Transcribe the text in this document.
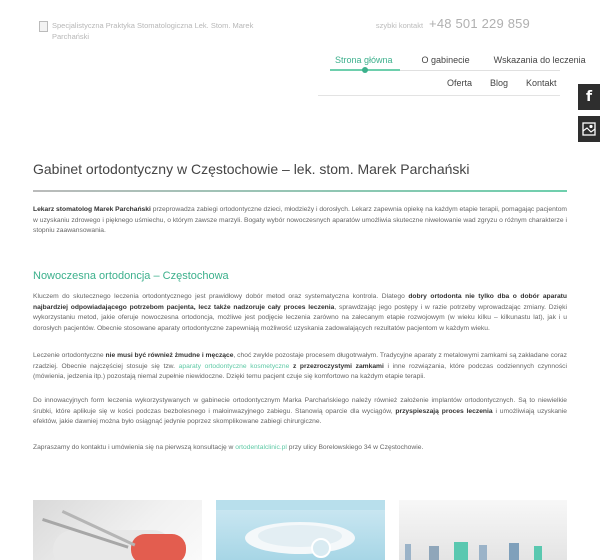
Specjalistyczna Praktyka Stomatologiczna Lek. Stom. Marek Parchański
szybki kontakt +48 501 229 859
Strona główna	O gabinecie	Wskazania do leczenia
Oferta Blog Kontakt
f
Gabinet ortodontyczny w Częstochowie – lek. stom. Marek Parchański

Lekarz stomatolog Marek Parchański przeprowadza zabiegi ortodontyczne dzieci, młodzieży i dorosłych. Lekarz zapewnia opiekę na każdym etapie terapii, pomagając pacjentom w uzyskaniu zdrowego i pięknego uśmiechu, o którym zawsze marzyli. Bogaty wybór nowoczesnych aparatów umożliwia skuteczne niwelowanie wad zgryzu o różnym charakterze i stopniu zaawansowania.

Nowoczesna ortodoncja – Częstochowa

Kluczem do skutecznego leczenia ortodontycznego jest prawidłowy dobór metod oraz systematyczna kontrola. Dlatego dobry ortodonta nie tylko dba o dobór aparatu najbardziej odpowiadającego potrzebom pacjenta, lecz także nadzoruje cały proces leczenia, sprawdzając jego postępy i w razie potrzeby wprowadzając zmiany. Dzięki wykorzystaniu metod, jakie oferuje nowoczesna ortodoncja, możliwe jest podjęcie leczenia zarówno na zalecanym etapie rozwojowym (w wieku kilku – kilkunastu lat), jak i u dorosłych pacjentów. Obecnie stosowane aparaty ortodontyczne zapewniają możliwość uzyskania zadowalających rezultatów pacjentom w każdym wieku.

Leczenie ortodontyczne nie musi być również żmudne i męczące, choć zwykle pozostaje procesem długotrwałym. Tradycyjne aparaty z metalowymi zamkami są zakładane coraz rzadziej. Obecnie najczęściej stosuje się tzw. aparaty ortodontyczne kosmetyczne z przezroczystymi zamkami i inne rozwiązania, które podczas codziennych czynności (mówienia, jedzenia itp.) pozostają niemal zupełnie niewidoczne. Dzięki temu pacjent czuje się komfortowo na każdym etapie terapii.

Do innowacyjnych form leczenia wykorzystywanych w gabinecie ortodontycznym Marka Parchańskiego należy również założenie implantów ortodontycznych. Są to niewielkie śrubki, które aplikuje się w kości podczas bezbolesnego i małoinwazyjnego zabiegu. Stanowią oparcie dla wyciągów, przyspieszają proces leczenia i umożliwiają uzyskanie efektów, jakie dawniej można było osiągnąć jedynie poprzez skomplikowane zabiegi chirurgiczne.

Zapraszamy do kontaktu i umówienia się na pierwszą konsultację w ortodentalclinic.pl przy ulicy Borelowskiego 34 w Częstochowie.
